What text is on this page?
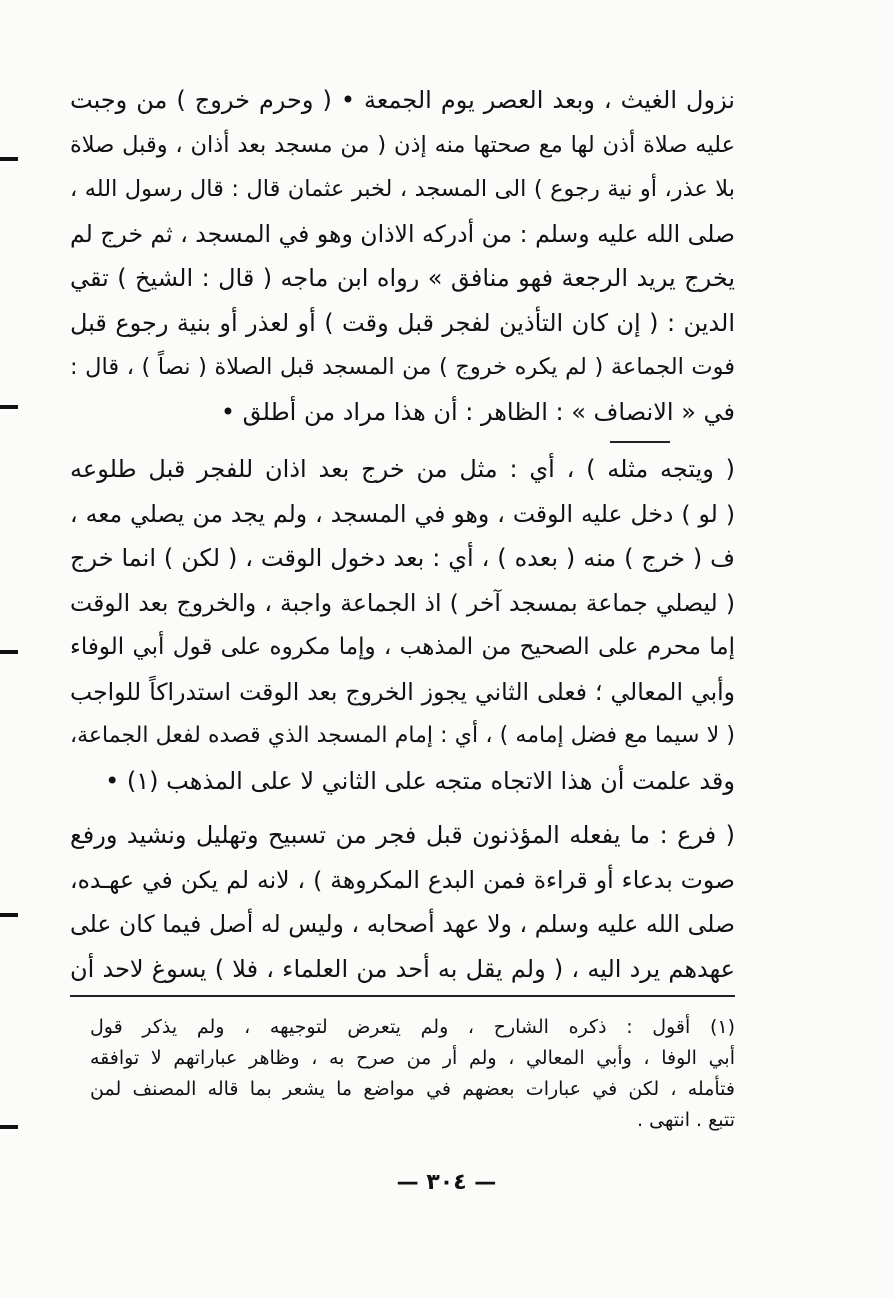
نزول الغيث ، وبعد العصر يوم الجمعة • ( وحرم خروج ) من وجبت
عليه صلاة أذن لها مع صحتها منه إذن ( من مسجد بعد أذان ، وقبل صلاة
بلا عذر، أو نية رجوع ) الى المسجد ، لخبر عثمان قال : قال رسول الله ،
صلى الله عليه وسلم : من أدركه الاذان وهو في المسجد ، ثم خرج لم
يخرج يريد الرجعة فهو منافق » رواه ابن ماجه ( قال : الشيخ ) تقي
الدين : ( إن كان التأذين لفجر قبل وقت ) أو لعذر أو بنية رجوع قبل
فوت الجماعة ( لم يكره خروج ) من المسجد قبل الصلاة ( نصاً ) ، قال :
في « الانصاف » : الظاهر : أن هذا مراد من أطلق •
( ويتجه مثله ) ، أي : مثل من خرج بعد اذان للفجر قبل طلوعه
( لو ) دخل عليه الوقت ، وهو في المسجد ، ولم يجد من يصلي معه ،
ف ( خرج ) منه ( بعده ) ، أي : بعد دخول الوقت ، ( لكن ) انما خرج
( ليصلي جماعة بمسجد آخر ) اذ الجماعة واجبة ، والخروج بعد الوقت
إما محرم على الصحيح من المذهب ، وإما مكروه على قول أبي الوفاء
وأبي المعالي ؛ فعلى الثاني يجوز الخروج بعد الوقت استدراكاً للواجب
( لا سيما مع فضل إمامه ) ، أي : إمام المسجد الذي قصده لفعل الجماعة،
وقد علمت أن هذا الاتجاه متجه على الثاني لا على المذهب (١) •
( فرع : ما يفعله المؤذنون قبل فجر من تسبيح وتهليل ونشيد ورفع
صوت بدعاء أو قراءة فمن البدع المكروهة ) ، لانه لم يكن في عهـده،
صلى الله عليه وسلم ، ولا عهد أصحابه ، وليس له أصل فيما كان على
عهدهم يرد اليه ، ( ولم يقل به أحد من العلماء ، فلا ) يسوغ لاحد أن
(١) أقول : ذكره الشارح ، ولم يتعرض لتوجيهه ، ولم يذكر قول
أبي الوفا ، وأبي المعالي ، ولم أر من صرح به ، وظاهر عباراتهم لا توافقه
فتأمله ، لكن في عبارات بعضهم في مواضع ما يشعر بما قاله المصنف لمن
تتبع . انتهى .
— ٣٠٤ —
